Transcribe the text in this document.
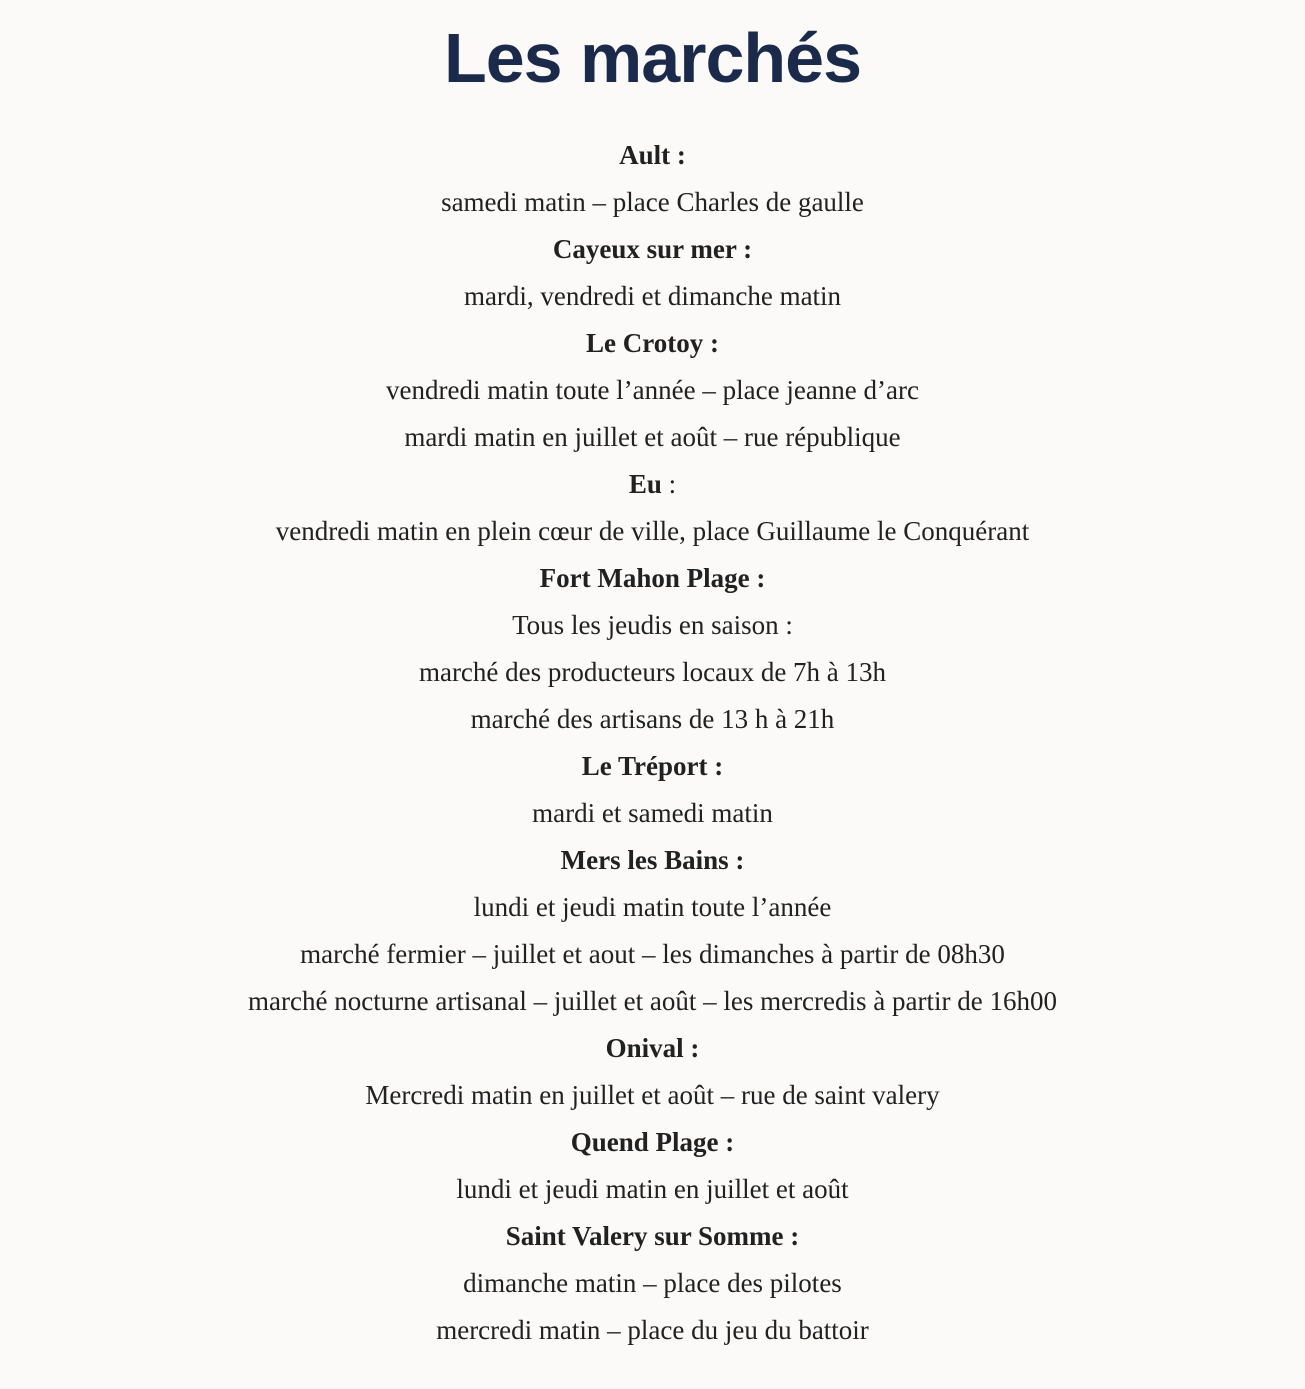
Les marchés
Ault :
samedi matin – place Charles de gaulle
Cayeux sur mer :
mardi, vendredi et dimanche matin
Le Crotoy :
vendredi matin toute l’année – place jeanne d’arc
mardi matin en juillet et août – rue république
Eu :
vendredi matin en plein cœur de ville, place Guillaume le Conquérant
Fort Mahon Plage :
Tous les jeudis en saison :
marché des producteurs locaux de 7h à 13h
marché des artisans de 13 h à 21h
Le Tréport :
mardi et samedi matin
Mers les Bains :
lundi et jeudi matin toute l’année
marché fermier – juillet et aout – les dimanches à partir de 08h30
marché nocturne artisanal – juillet et août – les mercredis à partir de 16h00
Onival :
Mercredi matin en juillet et août – rue de saint valery
Quend Plage :
lundi et jeudi matin en juillet et août
Saint Valery sur Somme :
dimanche matin – place des pilotes
mercredi matin – place du jeu du battoir
